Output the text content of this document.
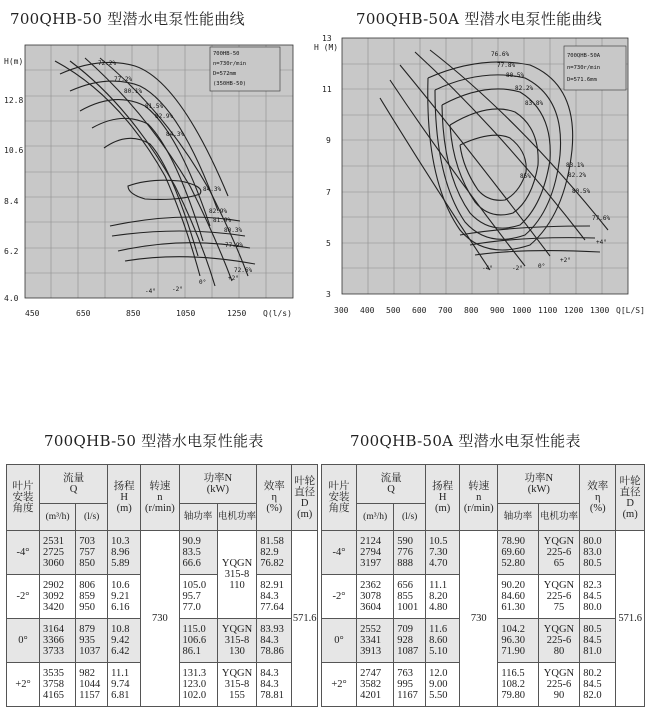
700QHB-50 型潜水电泵性能曲线	700QHB-50A 型潜水电泵性能曲线
700HB-50
n=730r/min
D=572mm
(350HB-50)
72.2%
77.2%
80.1%
81.5%
82.9%
84.3%
84.3%
82.9%
81.9%
80.3%
77.9%
72.6%
-4°	-2°
0°
+2°
H(m)
12.8
10.6
8.4
6.2
4.0
450	650	850	1050	1250 Q(l/s)
700QHB-50A
n=730r/min
D=571.6mm
76.6%
77.8%
80.5%
82.2%
83.8%
85%
83.1%
82.2%
80.5%
77.6%
-4°	-2°	0°
+2°
+4°
H (M)
13
11
9
7
5
3
300 400 500 600 700 800 900 1000 1100 1200 1300 Q[L/S]
700QHB-50 型潜水电泵性能表	700QHB-50A 型潜水电泵性能表
叶片
安装
角度	流量
Q		扬程
H
(m)	转速
n
(r/min)	功率N
(kW)		效率
η
(%)	叶轮
直径
D
(m)

	(m³/h)	(l/s)			轴功率	电机功率		
-4°	2531
2725
3060	703
757
850	10.3
8.96
5.89	730	90.9
83.5
66.6	YQGN
315-8
110	81.58
82.9
76.82	571.6
-2°	2902
3092
3420	806
859
950	10.6
9.21
6.16		105.0
95.7
77.0		82.91
84.3
77.64	

0°	3164
3366
3733	879
935
1037	10.8
9.42
6.42		115.0
106.6
86.1	YQGN
315-8
130	83.93
84.3
78.86	

+2°	3535
3758
4165	982
1044
1157	11.1
9.74
6.81		131.3
123.0
102.0	YQGN
315-8
155	84.3
84.3
78.81	
叶片
安装
角度	流量
Q		扬程
H
(m)	转速
n
(r/min)	功率N
(kW)		效率
η
(%)	叶轮
直径
D
(m)

	(m³/h)	(l/s)			轴功率	电机功率		
-4°	2124
2794
3197	590
776
888	10.5
7.30
4.70	730	78.90
69.60
52.80	YQGN
225-6
65	80.0
83.0
80.5	571.6
-2°	2362
3078
3604	656
855
1001	11.1
8.20
4.80		90.20
84.60
61.30	YQGN
225-6
75	82.3
84.5
80.0	

0°	2552
3341
3913	709
928
1087	11.6
8.60
5.10		104.2
96.30
71.90	YQGN
225-6
80	80.5
84.5
81.0	

+2°	2747
3582
4201	763
995
1167	12.0
9.00
5.50		116.5
108.2
79.80	YQGN
225-6
90	80.2
84.5
82.0	
